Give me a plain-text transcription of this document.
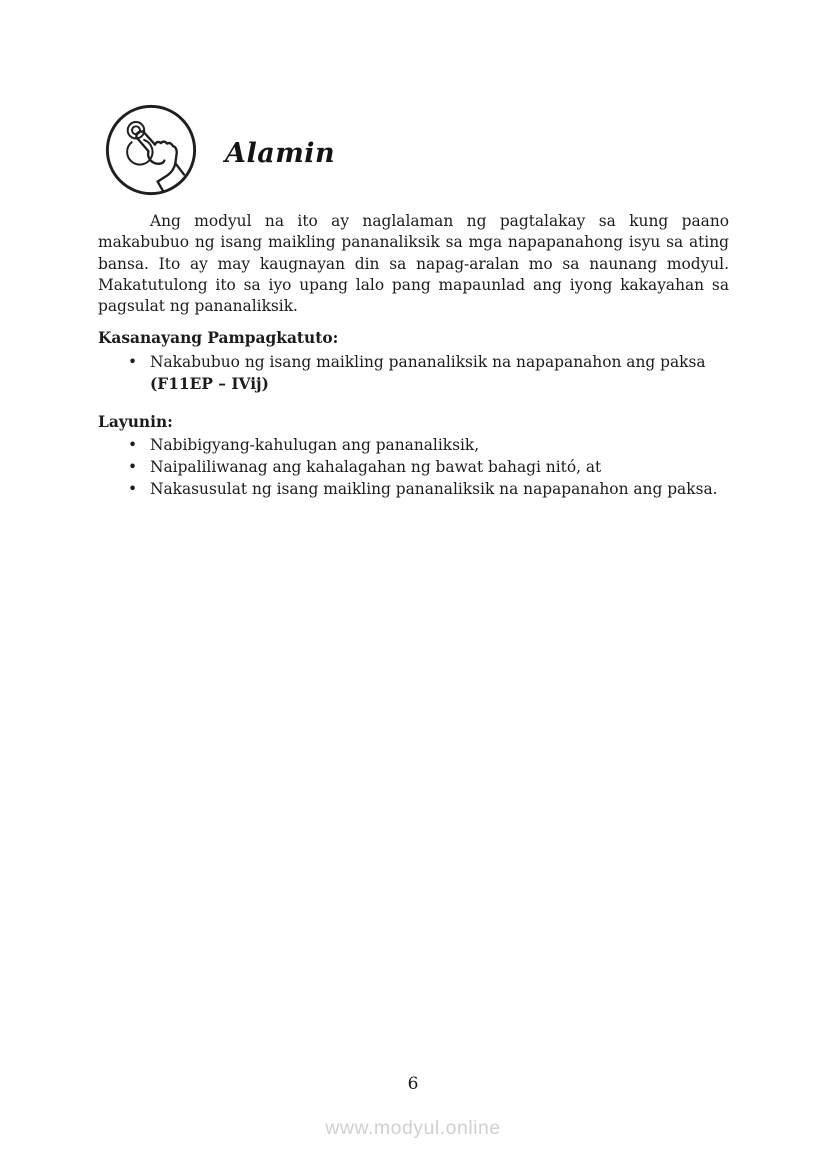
Alamin

Ang modyul na ito ay naglalaman ng pagtalakay sa kung paano makabubuo ng isang maikling pananaliksik sa mga napapanahong isyu sa ating bansa. Ito ay may kaugnayan din sa napag-aralan mo sa naunang modyul. Makatutulong ito sa iyo upang lalo pang mapaunlad ang iyong kakayahan sa pagsulat ng pananaliksik.

Kasanayang Pampagkatuto:
• Nakabubuo ng isang maikling pananaliksik na napapanahon ang paksa
(F11EP – IVij)
Layunin:
• Nabibigyang-kahulugan ang pananaliksik,
• Naipaliliwanag ang kahalagahan ng bawat bahagi nitó, at
• Nakasusulat ng isang maikling pananaliksik na napapanahon ang paksa.
6
www.modyul.online
